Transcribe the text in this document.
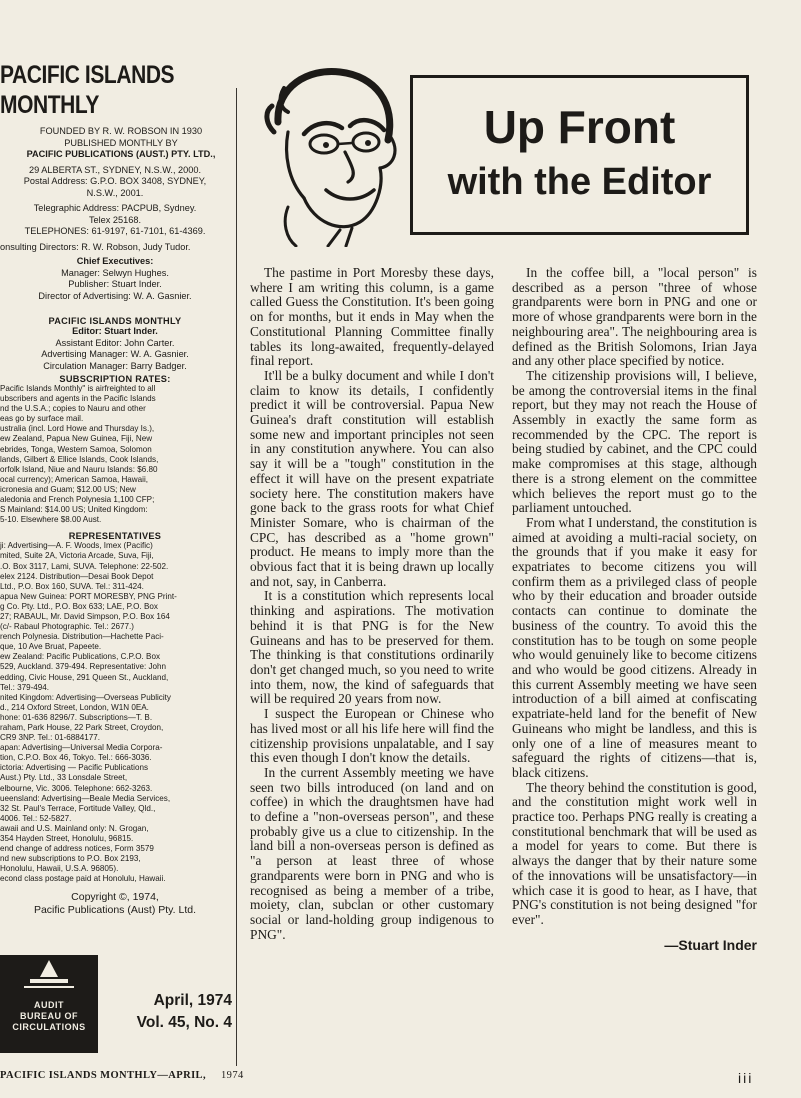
PACIFIC ISLANDS
MONTHLY
FOUNDED BY R. W. ROBSON IN 1930
PUBLISHED MONTHLY BY
PACIFIC PUBLICATIONS (AUST.) PTY. LTD.,
29 ALBERTA ST., SYDNEY, N.S.W., 2000.
Postal Address: G.P.O. BOX 3408, SYDNEY,
N.S.W., 2001.
Telegraphic Address: PACPUB, Sydney.
Telex 25168.
TELEPHONES: 61-9197, 61-7101, 61-4369.
onsulting Directors: R. W. Robson, Judy Tudor.
Chief Executives:
Manager: Selwyn Hughes.
Publisher: Stuart Inder.
Director of Advertising: W. A. Gasnier.
PACIFIC ISLANDS MONTHLY
Editor: Stuart Inder.
Assistant Editor: John Carter.
Advertising Manager: W. A. Gasnier.
Circulation Manager: Barry Badger.
SUBSCRIPTION RATES:
Pacific Islands Monthly" is airfreighted to all
ubscribers and agents in the Pacific Islands
nd the U.S.A.; copies to Nauru and other
eas go by surface mail.
ustralia (incl. Lord Howe and Thursday Is.),
ew Zealand, Papua New Guinea, Fiji, New
ebrides, Tonga, Western Samoa, Solomon
lands, Gilbert & Ellice Islands, Cook Islands,
orfolk Island, Niue and Nauru Islands: $6.80
ocal currency); American Samoa, Hawaii,
icronesia and Guam; $12.00 US; New
aledonia and French Polynesia 1,100 CFP;
S Mainland: $14.00 US; United Kingdom:
5-10. Elsewhere $8.00 Aust.
REPRESENTATIVES
ji: Advertising—A. F. Woods, Imex (Pacific)
mited, Suite 2A, Victoria Arcade, Suva, Fiji,
.O. Box 3117, Lami, SUVA. Telephone: 22-502.
elex 2124. Distribution—Desai Book Depot
Ltd., P.O. Box 160, SUVA. Tel.: 311-424.
apua New Guinea: PORT MORESBY, PNG Print-
g Co. Pty. Ltd., P.O. Box 633; LAE, P.O. Box
27; RABAUL, Mr. David Simpson, P.O. Box 164
(c/- Rabaul Photographic. Tel.: 2677.)
rench Polynesia. Distribution—Hachette Paci-
que, 10 Ave Bruat, Papeete.
ew Zealand: Pacific Publications, C.P.O. Box
529, Auckland. 379-494. Representative: John
edding, Civic House, 291 Queen St., Auckland,
Tel.: 379-494.
nited Kingdom: Advertising—Overseas Publicity
d., 214 Oxford Street, London, W1N 0EA.
hone: 01-636 8296/7. Subscriptions—T. B.
raham, Park House, 22 Park Street, Croydon,
CR9 3NP. Tel.: 01-6884177.
apan: Advertising—Universal Media Corpora-
tion, C.P.O. Box 46, Tokyo. Tel.: 666-3036.
ictoria: Advertising — Pacific Publications
Aust.) Pty. Ltd., 33 Lonsdale Street,
elbourne, Vic. 3006. Telephone: 662-3263.
ueensland: Advertising—Beale Media Services,
32 St. Paul's Terrace, Fortitude Valley, Qld.,
4006. Tel.: 52-5827.
awaii and U.S. Mainland only: N. Grogan,
354 Hayden Street, Honolulu, 96815.
end change of address notices, Form 3579
nd new subscriptions to P.O. Box 2193,
Honolulu, Hawaii, U.S.A. 96805).
econd class postage paid at Honolulu, Hawaii.
Copyright ©, 1974,
Pacific Publications (Aust) Pty. Ltd.
AUDIT
BUREAU OF
CIRCULATIONS
April, 1974
Vol. 45, No. 4
Up Front
with the Editor

The pastime in Port Moresby these days, where I am writing this column, is a game called Guess the Constitution. It's been going on for months, but it ends in May when the Constitutional Planning Committee finally tables its long-awaited, frequently-delayed final report.

It'll be a bulky document and while I don't claim to know its details, I confidently predict it will be controversial. Papua New Guinea's draft constitution will establish some new and important principles not seen in any constitution anywhere. You can also say it will be a "tough" constitution in the effect it will have on the present expatriate society here. The constitution makers have gone back to the grass roots for what Chief Minister Somare, who is chairman of the CPC, has described as a "home grown" product. He means to imply more than the obvious fact that it is being drawn up locally and not, say, in Canberra.

It is a constitution which represents local thinking and aspirations. The motivation behind it is that PNG is for the New Guineans and has to be preserved for them. The thinking is that constitutions ordinarily don't get changed much, so you need to write into them, now, the kind of safeguards that will be required 20 years from now.

I suspect the European or Chinese who has lived most or all his life here will find the citizenship provisions unpalatable, and I say this even though I don't know the details.

In the current Assembly meeting we have seen two bills introduced (on land and on coffee) in which the draughtsmen have had to define a "non-overseas person", and these probably give us a clue to citizenship. In the land bill a non-overseas person is defined as "a person at least three of whose grandparents were born in PNG and who is recognised as being a member of a tribe, moiety, clan, subclan or other customary social or land-holding group indigenous to PNG".

In the coffee bill, a "local person" is described as a person "three of whose grandparents were born in PNG and one or more of whose grandparents were born in the neighbouring area". The neighbouring area is defined as the British Solomons, Irian Jaya and any other place specified by notice.

The citizenship provisions will, I believe, be among the controversial items in the final report, but they may not reach the House of Assembly in exactly the same form as recommended by the CPC. The report is being studied by cabinet, and the CPC could make compromises at this stage, although there is a strong element on the committee which believes the report must go to the parliament untouched.

From what I understand, the constitution is aimed at avoiding a multi-racial society, on the grounds that if you make it easy for expatriates to become citizens you will confirm them as a privileged class of people who by their education and broader outside contacts can continue to dominate the business of the country. To avoid this the constitution has to be tough on some people who would genuinely like to become citizens and who would be good citizens. Already in this current Assembly meeting we have seen introduction of a bill aimed at confiscating expatriate-held land for the benefit of New Guineans who might be landless, and this is only one of a line of measures meant to safeguard the rights of citizens—that is, black citizens.

The theory behind the constitution is good, and the constitution might work well in practice too. Perhaps PNG really is creating a constitutional benchmark that will be used as a model for years to come. But there is always the danger that by their nature some of the innovations will be unsatisfactory—in which case it is good to hear, as I have, that PNG's constitution is not being designed "for ever".

—Stuart Inder
PACIFIC ISLANDS MONTHLY—APRIL, 1974	iii
